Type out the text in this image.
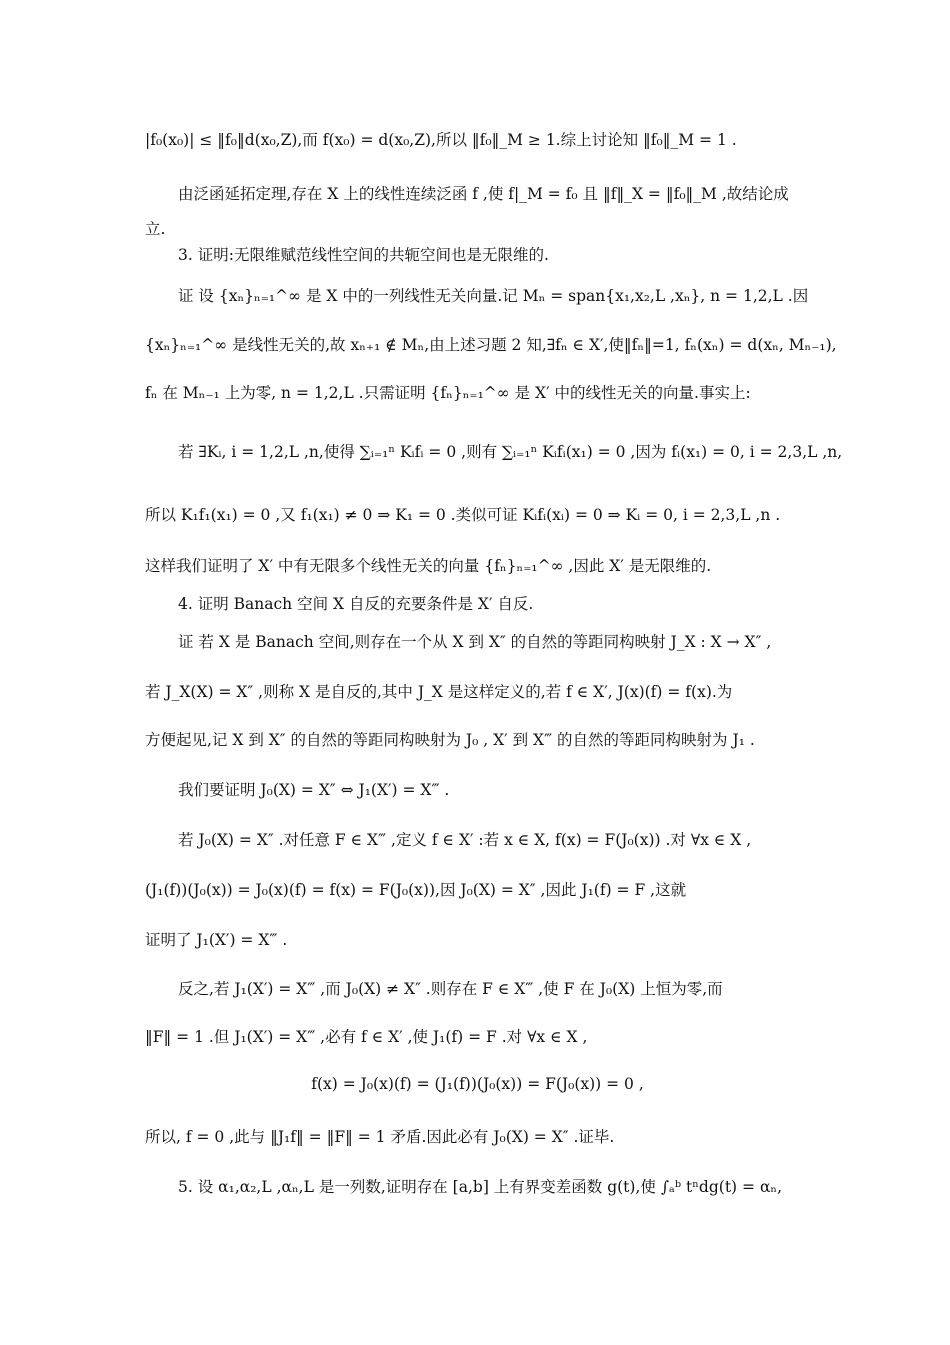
|f₀(x₀)| ≤ ‖f₀‖d(x₀,Z),而 f(x₀) = d(x₀,Z),所以 ‖f₀‖_M ≥ 1.综上讨论知 ‖f₀‖_M = 1 .
由泛函延拓定理,存在 X 上的线性连续泛函 f ,使 f|_M = f₀ 且 ‖f‖_X = ‖f₀‖_M ,故结论成
立.
3. 证明:无限维赋范线性空间的共轭空间也是无限维的.
证 设 {xₙ}ₙ₌₁^∞ 是 X 中的一列线性无关向量.记 Mₙ = span{x₁,x₂,L ,xₙ}, n = 1,2,L .因
{xₙ}ₙ₌₁^∞ 是线性无关的,故 xₙ₊₁ ∉ Mₙ,由上述习题 2 知,∃fₙ ∈ X′,使‖fₙ‖=1, fₙ(xₙ) = d(xₙ, Mₙ₋₁),
fₙ 在 Mₙ₋₁ 上为零, n = 1,2,L .只需证明 {fₙ}ₙ₌₁^∞ 是 X′ 中的线性无关的向量.事实上:
若 ∃Kᵢ, i = 1,2,L ,n,使得 ∑ᵢ₌₁ⁿ Kᵢfᵢ = 0 ,则有 ∑ᵢ₌₁ⁿ Kᵢfᵢ(x₁) = 0 ,因为 fᵢ(x₁) = 0, i = 2,3,L ,n,
所以 K₁f₁(x₁) = 0 ,又 f₁(x₁) ≠ 0 ⇒ K₁ = 0 .类似可证 Kᵢfᵢ(xᵢ) = 0 ⇒ Kᵢ = 0, i = 2,3,L ,n .
这样我们证明了 X′ 中有无限多个线性无关的向量 {fₙ}ₙ₌₁^∞ ,因此 X′ 是无限维的.
4. 证明 Banach 空间 X 自反的充要条件是 X′ 自反.
证 若 X 是 Banach 空间,则存在一个从 X 到 X″ 的自然的等距同构映射 J_X : X → X″ ,
若 J_X(X) = X″ ,则称 X 是自反的,其中 J_X 是这样定义的,若 f ∈ X′, J(x)(f) = f(x).为
方便起见,记 X 到 X″ 的自然的等距同构映射为 J₀ , X′ 到 X‴ 的自然的等距同构映射为 J₁ .
我们要证明 J₀(X) = X″ ⇔ J₁(X′) = X‴ .
若 J₀(X) = X″ .对任意 F ∈ X‴ ,定义 f ∈ X′ :若 x ∈ X, f(x) = F(J₀(x)) .对 ∀x ∈ X ,
(J₁(f))(J₀(x)) = J₀(x)(f) = f(x) = F(J₀(x)),因 J₀(X) = X″ ,因此 J₁(f) = F ,这就
证明了 J₁(X′) = X‴ .
反之,若 J₁(X′) = X‴ ,而 J₀(X) ≠ X″ .则存在 F ∈ X‴ ,使 F 在 J₀(X) 上恒为零,而
‖F‖ = 1 .但 J₁(X′) = X‴ ,必有 f ∈ X′ ,使 J₁(f) = F .对 ∀x ∈ X ,
f(x) = J₀(x)(f) = (J₁(f))(J₀(x)) = F(J₀(x)) = 0 ,
所以, f = 0 ,此与 ‖J₁f‖ = ‖F‖ = 1 矛盾.因此必有 J₀(X) = X″ .证毕.
5. 设 α₁,α₂,L ,αₙ,L 是一列数,证明存在 [a,b] 上有界变差函数 g(t),使 ∫ₐᵇ tⁿdg(t) = αₙ,
